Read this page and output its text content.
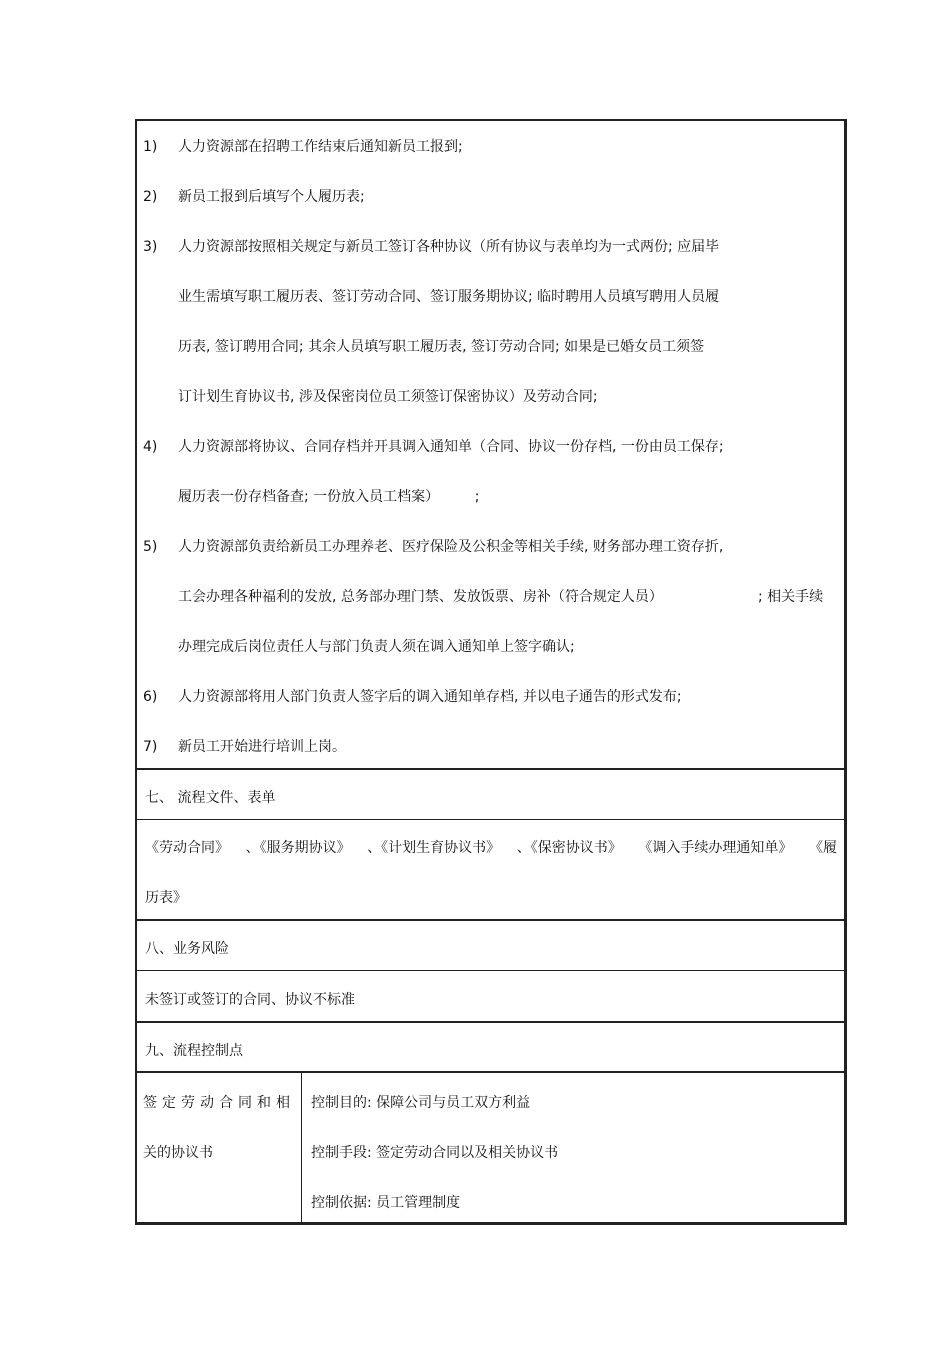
1) 人力资源部在招聘工作结束后通知新员工报到;
2) 新员工报到后填写个人履历表;
3) 人力资源部按照相关规定与新员工签订各种协议（所有协议与表单均为一式两份; 应届毕
业生需填写职工履历表、签订劳动合同、签订服务期协议; 临时聘用人员填写聘用人员履
历表, 签订聘用合同; 其余人员填写职工履历表, 签订劳动合同; 如果是已婚女员工须签
订计划生育协议书, 涉及保密岗位员工须签订保密协议）及劳动合同;
4) 人力资源部将协议、合同存档并开具调入通知单（合同、协议一份存档, 一份由员工保存;
履历表一份存档备查; 一份放入员工档案）        ;
5) 人力资源部负责给新员工办理养老、医疗保险及公积金等相关手续, 财务部办理工资存折,
工会办理各种福利的发放, 总务部办理门禁、发放饭票、房补（符合规定人员）	; 相关手续
办理完成后岗位责任人与部门负责人须在调入通知单上签字确认;
6) 人力资源部将用人部门负责人签字后的调入通知单存档, 并以电子通告的形式发布;
7) 新员工开始进行培训上岗。
七、 流程文件、表单
《劳动合同》 、《服务期协议》 、《计划生育协议书》 、《保密协议书》 《调入手续办理通知单》 《履
历表》
八、业务风险
未签订或签订的合同、协议不标准
九、流程控制点
签定劳动合同和相
关的协议书
控制目的: 保障公司与员工双方利益
控制手段: 签定劳动合同以及相关协议书
控制依据: 员工管理制度
